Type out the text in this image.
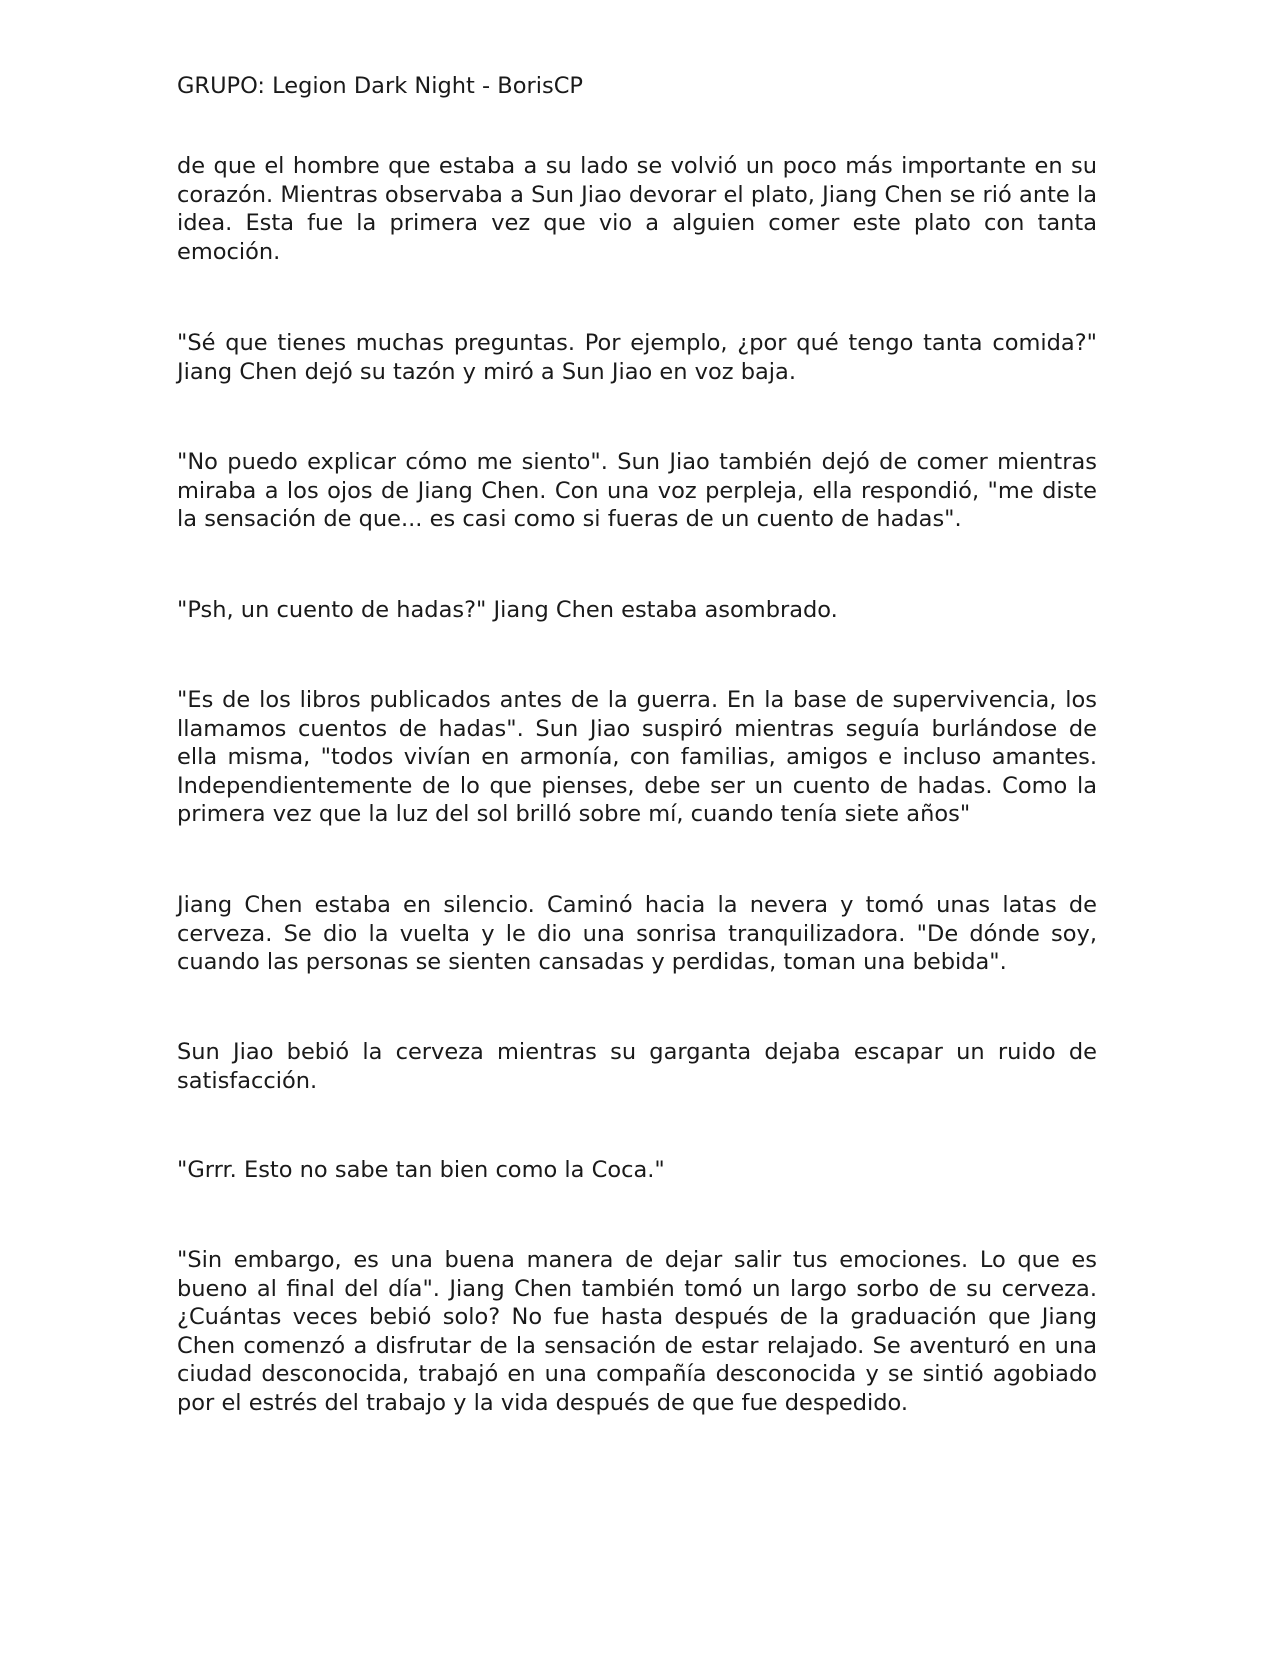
GRUPO: Legion Dark Night - BorisCP

de que el hombre que estaba a su lado se volvió un poco más importante en su corazón. Mientras observaba a Sun Jiao devorar el plato, Jiang Chen se rió ante la idea. Esta fue la primera vez que vio a alguien comer este plato con tanta emoción.

"Sé que tienes muchas preguntas. Por ejemplo, ¿por qué tengo tanta comida?" Jiang Chen dejó su tazón y miró a Sun Jiao en voz baja.

"No puedo explicar cómo me siento". Sun Jiao también dejó de comer mientras miraba a los ojos de Jiang Chen. Con una voz perpleja, ella respondió, "me diste la sensación de que... es casi como si fueras de un cuento de hadas".

"Psh, un cuento de hadas?" Jiang Chen estaba asombrado.

"Es de los libros publicados antes de la guerra. En la base de supervivencia, los llamamos cuentos de hadas". Sun Jiao suspiró mientras seguía burlándose de ella misma, "todos vivían en armonía, con familias, amigos e incluso amantes. Independientemente de lo que pienses, debe ser un cuento de hadas. Como la primera vez que la luz del sol brilló sobre mí, cuando tenía siete años"

Jiang Chen estaba en silencio. Caminó hacia la nevera y tomó unas latas de cerveza. Se dio la vuelta y le dio una sonrisa tranquilizadora. "De dónde soy, cuando las personas se sienten cansadas y perdidas, toman una bebida".

Sun Jiao bebió la cerveza mientras su garganta dejaba escapar un ruido de satisfacción.

"Grrr. Esto no sabe tan bien como la Coca."

"Sin embargo, es una buena manera de dejar salir tus emociones. Lo que es bueno al final del día". Jiang Chen también tomó un largo sorbo de su cerveza. ¿Cuántas veces bebió solo? No fue hasta después de la graduación que Jiang Chen comenzó a disfrutar de la sensación de estar relajado. Se aventuró en una ciudad desconocida, trabajó en una compañía desconocida y se sintió agobiado por el estrés del trabajo y la vida después de que fue despedido.
